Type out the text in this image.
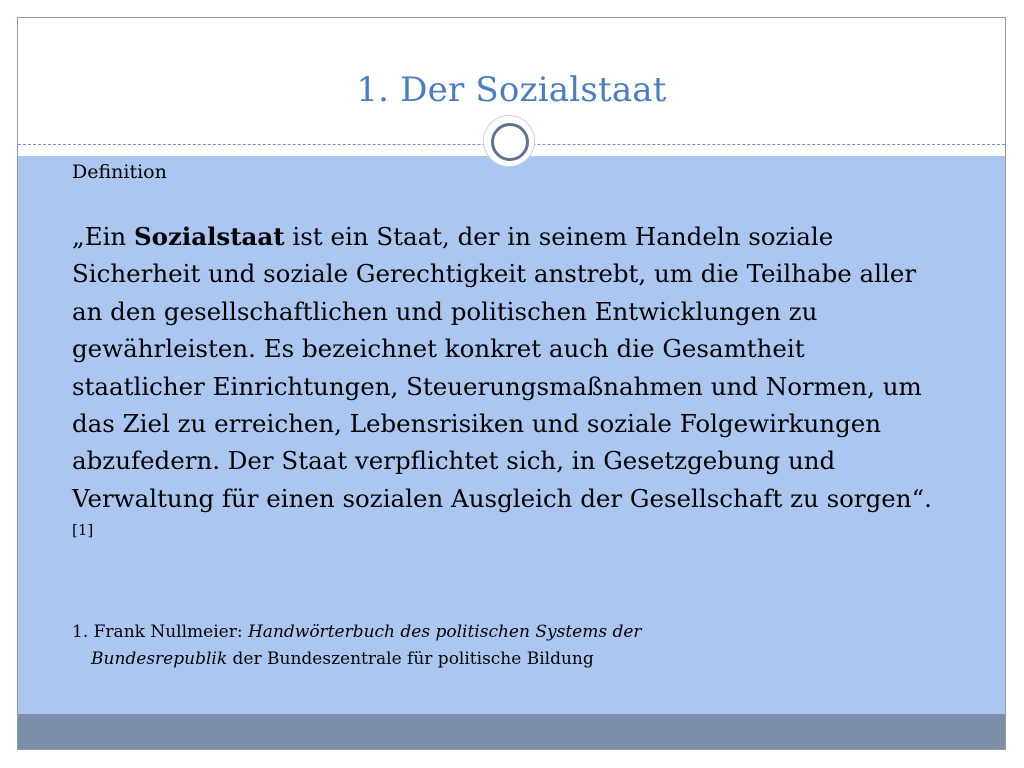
1. Der Sozialstaat
Definition
„Ein Sozialstaat ist ein Staat, der in seinem Handeln soziale Sicherheit und soziale Gerechtigkeit anstrebt, um die Teilhabe aller an den gesellschaftlichen und politischen Entwicklungen zu gewährleisten. Es bezeichnet konkret auch die Gesamtheit staatlicher Einrichtungen, Steuerungsmaßnahmen und Normen, um das Ziel zu erreichen, Lebensrisiken und soziale Folgewirkungen abzufedern. Der Staat verpflichtet sich, in Gesetzgebung und Verwaltung für einen sozialen Ausgleich der Gesellschaft zu sorgen“.[1]
1. Frank Nullmeier: Handwörterbuch des politischen Systems der
Bundesrepublik der Bundeszentrale für politische Bildung
